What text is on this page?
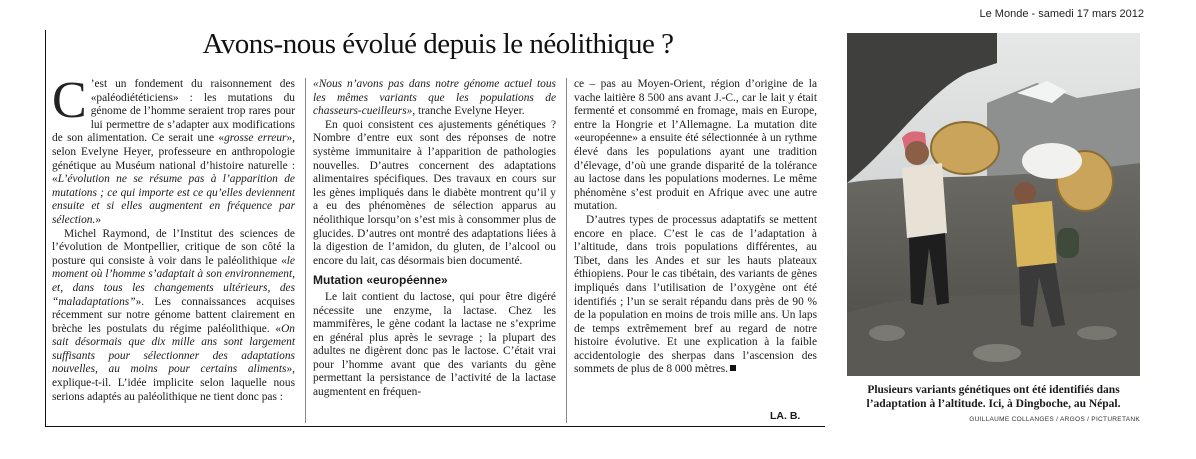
Le Monde - samedi 17 mars 2012
Avons-nous évolué depuis le néolithique ?

C ’est un fondement du raisonnement des «paléodiététiciens» : les mutations du génome de l’homme seraient trop rares pour lui permettre de s’adapter aux modifications de son alimentation. Ce serait une «grosse erreur», selon Evelyne Heyer, professeure en anthropologie génétique au Muséum national d’histoire naturelle : «L’évolution ne se résume pas à l’apparition de mutations ; ce qui importe est ce qu’elles deviennent ensuite et si elles augmentent en fréquence par sélection.»

Michel Raymond, de l’Institut des sciences de l’évolution de Montpellier, critique de son côté la posture qui consiste à voir dans le paléolithique «le moment où l’homme s’adaptait à son environnement, et, dans tous les changements ultérieurs, des “maladaptations”». Les connaissances acquises récemment sur notre génome battent clairement en brèche les postulats du régime paléolithique. «On sait désormais que dix mille ans sont largement suffisants pour sélectionner des adaptations nouvelles, au moins pour certains aliments», explique-t-il. L’idée implicite selon laquelle nous serions adaptés au paléolithique ne tient donc pas :

«Nous n’avons pas dans notre génome actuel tous les mêmes variants que les populations de chasseurs-cueilleurs», tranche Evelyne Heyer.

En quoi consistent ces ajustements génétiques ? Nombre d’entre eux sont des réponses de notre système immunitaire à l’apparition de pathologies nouvelles. D’autres concernent des adaptations alimentaires spécifiques. Des travaux en cours sur les gènes impliqués dans le diabète montrent qu’il y a eu des phénomènes de sélection apparus au néolithique lorsqu’on s’est mis à consommer plus de glucides. D’autres ont montré des adaptations liées à la digestion de l’amidon, du gluten, de l’alcool ou encore du lait, cas désormais bien documenté.

Mutation «européenne»

Le lait contient du lactose, qui pour être digéré nécessite une enzyme, la lactase. Chez les mammifères, le gène codant la lactase ne s’exprime en général plus après le sevrage ; la plupart des adultes ne digèrent donc pas le lactose. C’était vrai pour l’homme avant que des variants du gène permettant la persistance de l’activité de la lactase augmentent en fréquen-

ce – pas au Moyen-Orient, région d’origine de la vache laitière 8 500 ans avant J.-C., car le lait y était fermenté et consommé en fromage, mais en Europe, entre la Hongrie et l’Allemagne. La mutation dite «européenne» a ensuite été sélectionnée à un rythme élevé dans les populations ayant une tradition d’élevage, d’où une grande disparité de la tolérance au lactose dans les populations modernes. Le même phénomène s’est produit en Afrique avec une autre mutation.

D’autres types de processus adaptatifs se mettent encore en place. C’est le cas de l’adaptation à l’altitude, dans trois populations différentes, au Tibet, dans les Andes et sur les hauts plateaux éthiopiens. Pour le cas tibétain, des variants de gènes impliqués dans l’utilisation de l’oxygène ont été identifiés ; l’un se serait répandu dans près de 90 % de la population en moins de trois mille ans. Un laps de temps extrêmement bref au regard de notre histoire évolutive. Et une explication à la faible accidentologie des sherpas dans l’ascension des sommets de plus de 8 000 mètres.

LA. B.
Plusieurs variants génétiques ont été identifiés dans l’adaptation à l’altitude. Ici, à Dingboche, au Népal.
GUILLAUME COLLANGES / ARGOS / PICTURETANK
